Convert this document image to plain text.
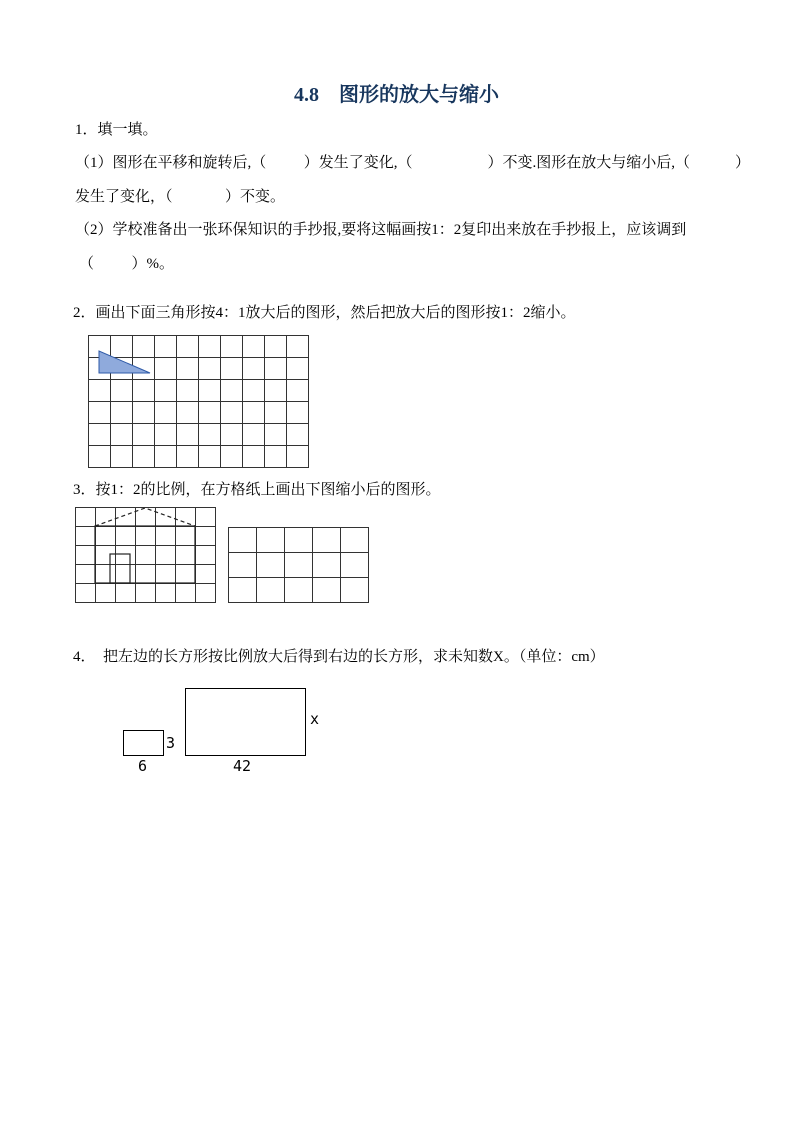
4.8　图形的放大与缩小
1．填一填。
（1）图形在平移和旋转后,（          ）发生了变化,（                    ）不变.图形在放大与缩小后,（            ）
发生了变化，（              ）不变。
（2）学校准备出一张环保知识的手抄报,要将这幅画按1：2复印出来放在手抄报上，应该调到
（          ）%。
2．画出下面三角形按4：1放大后的图形，然后把放大后的图形按1：2缩小。
3．按1：2的比例，在方格纸上画出下图缩小后的图形。
4．  把左边的长方形按比例放大后得到右边的长方形，求未知数X。（单位：cm）
x
42
3
6
